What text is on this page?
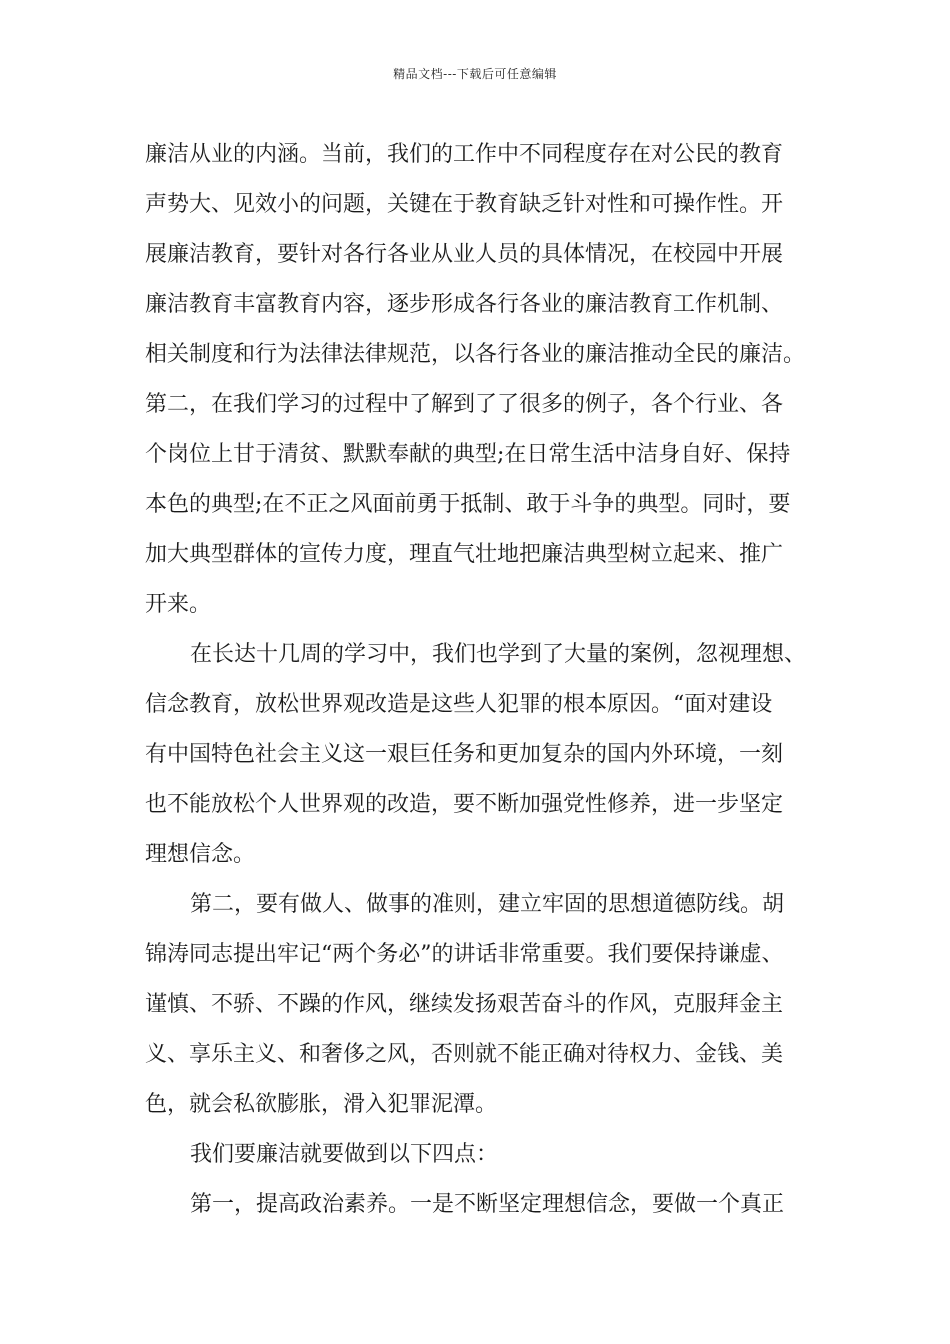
精品文档---下载后可任意编辑
廉洁从业的内涵。当前，我们的工作中不同程度存在对公民的教育
声势大、见效小的问题，关键在于教育缺乏针对性和可操作性。开
展廉洁教育，要针对各行各业从业人员的具体情况，在校园中开展
廉洁教育丰富教育内容，逐步形成各行各业的廉洁教育工作机制、
相关制度和行为法律法律规范，以各行各业的廉洁推动全民的廉洁。
第二，在我们学习的过程中了解到了了很多的例子，各个行业、各
个岗位上甘于清贫、默默奉献的典型;在日常生活中洁身自好、保持
本色的典型;在不正之风面前勇于抵制、敢于斗争的典型。同时，要
加大典型群体的宣传力度，理直气壮地把廉洁典型树立起来、推广
开来。
在长达十几周的学习中，我们也学到了大量的案例，忽视理想、
信念教育，放松世界观改造是这些人犯罪的根本原因。“面对建设
有中国特色社会主义这一艰巨任务和更加复杂的国内外环境，一刻
也不能放松个人世界观的改造，要不断加强党性修养，进一步坚定
理想信念。
第二，要有做人、做事的准则，建立牢固的思想道德防线。胡
锦涛同志提出牢记“两个务必”的讲话非常重要。我们要保持谦虚、
谨慎、不骄、不躁的作风，继续发扬艰苦奋斗的作风，克服拜金主
义、享乐主义、和奢侈之风，否则就不能正确对待权力、金钱、美
色，就会私欲膨胀，滑入犯罪泥潭。
我们要廉洁就要做到以下四点：
第一，提高政治素养。一是不断坚定理想信念，要做一个真正
